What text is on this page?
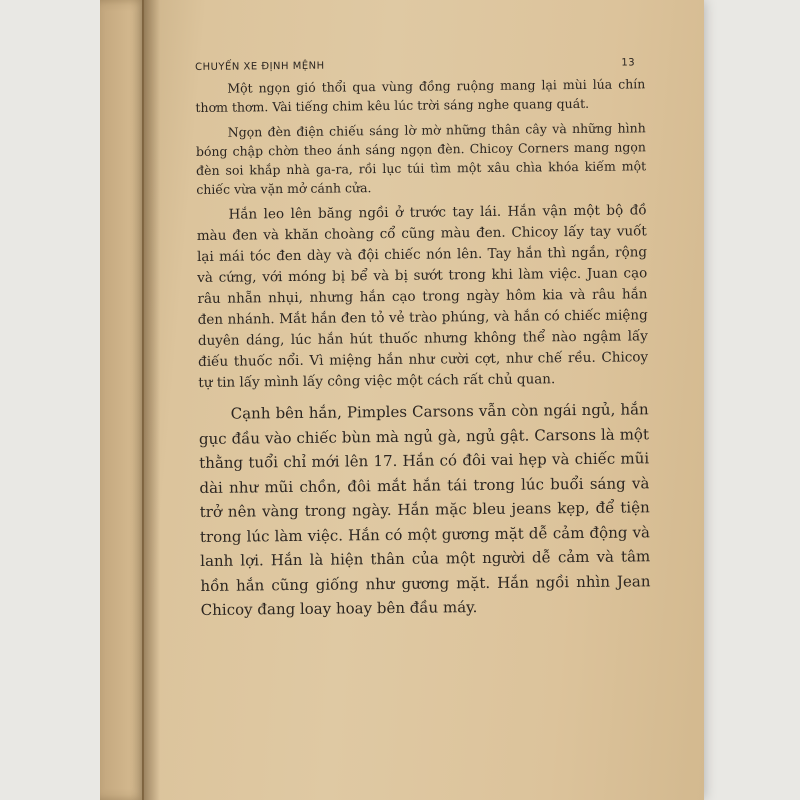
CHUYẾN XE ĐỊNH MỆNH	13

Một ngọn gió thổi qua vùng đồng ruộng mang lại mùi lúa chín thơm thơm. Vài tiếng chim kêu lúc trời sáng nghe quang quát.

Ngọn đèn điện chiếu sáng lờ mờ những thân cây và những hình bóng chập chờn theo ánh sáng ngọn đèn. Chicoy Corners mang ngọn đèn soi khắp nhà ga-ra, rồi lục túi tìm một xâu chìa khóa kiếm một chiếc vừa vặn mở cánh cửa.

Hắn leo lên băng ngồi ở trước tay lái. Hắn vận một bộ đồ màu đen và khăn choàng cổ cũng màu đen. Chicoy lấy tay vuốt lại mái tóc đen dày và đội chiếc nón lên. Tay hắn thì ngắn, rộng và cứng, với móng bị bể và bị sướt trong khi làm việc. Juan cạo râu nhẵn nhụi, nhưng hắn cạo trong ngày hôm kia và râu hắn đen nhánh. Mắt hắn đen tỏ vẻ trào phúng, và hắn có chiếc miệng duyên dáng, lúc hắn hút thuốc nhưng không thể nào ngậm lấy điếu thuốc nổi. Vì miệng hắn như cười cợt, như chế rều. Chicoy tự tin lấy mình lấy công việc một cách rất chủ quan.

Cạnh bên hắn, Pimples Carsons vẫn còn ngái ngủ, hắn gục đầu vào chiếc bùn mà ngủ gà, ngủ gật. Carsons là một thằng tuổi chỉ mới lên 17. Hắn có đôi vai hẹp và chiếc mũi dài như mũi chồn, đôi mắt hắn tái trong lúc buổi sáng và trở nên vàng trong ngày. Hắn mặc bleu jeans kẹp, để tiện trong lúc làm việc. Hắn có một gương mặt dễ cảm động và lanh lợi. Hắn là hiện thân của một người dễ cảm và tâm hồn hắn cũng giống như gương mặt. Hắn ngồi nhìn Jean Chicoy đang loay hoay bên đầu máy.
